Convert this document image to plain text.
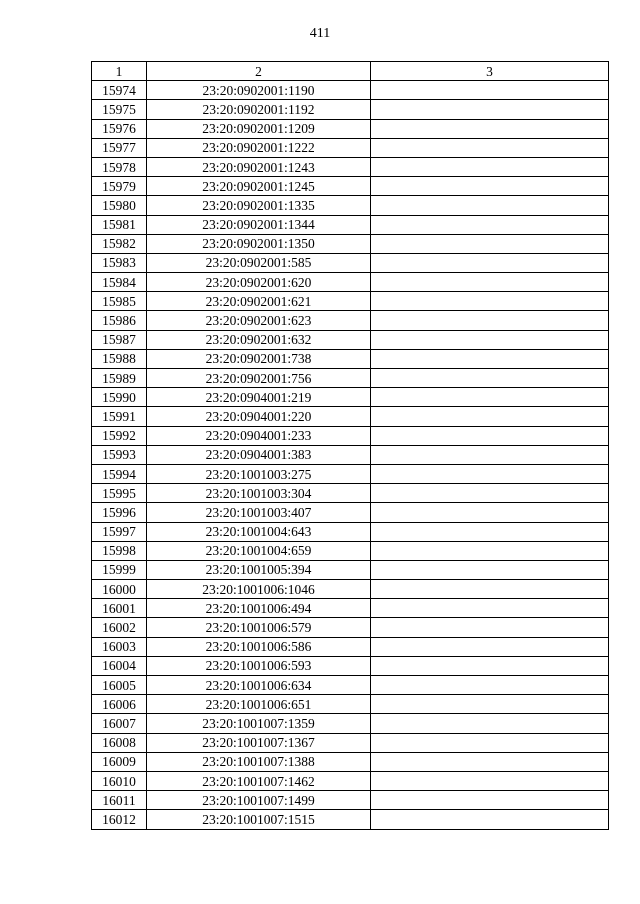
411
1	2	3
15974	23:20:0902001:1190	
15975	23:20:0902001:1192	
15976	23:20:0902001:1209	
15977	23:20:0902001:1222	
15978	23:20:0902001:1243	
15979	23:20:0902001:1245	
15980	23:20:0902001:1335	
15981	23:20:0902001:1344	
15982	23:20:0902001:1350	
15983	23:20:0902001:585	
15984	23:20:0902001:620	
15985	23:20:0902001:621	
15986	23:20:0902001:623	
15987	23:20:0902001:632	
15988	23:20:0902001:738	
15989	23:20:0902001:756	
15990	23:20:0904001:219	
15991	23:20:0904001:220	
15992	23:20:0904001:233	
15993	23:20:0904001:383	
15994	23:20:1001003:275	
15995	23:20:1001003:304	
15996	23:20:1001003:407	
15997	23:20:1001004:643	
15998	23:20:1001004:659	
15999	23:20:1001005:394	
16000	23:20:1001006:1046	
16001	23:20:1001006:494	
16002	23:20:1001006:579	
16003	23:20:1001006:586	
16004	23:20:1001006:593	
16005	23:20:1001006:634	
16006	23:20:1001006:651	
16007	23:20:1001007:1359	
16008	23:20:1001007:1367	
16009	23:20:1001007:1388	
16010	23:20:1001007:1462	
16011	23:20:1001007:1499	
16012	23:20:1001007:1515	
